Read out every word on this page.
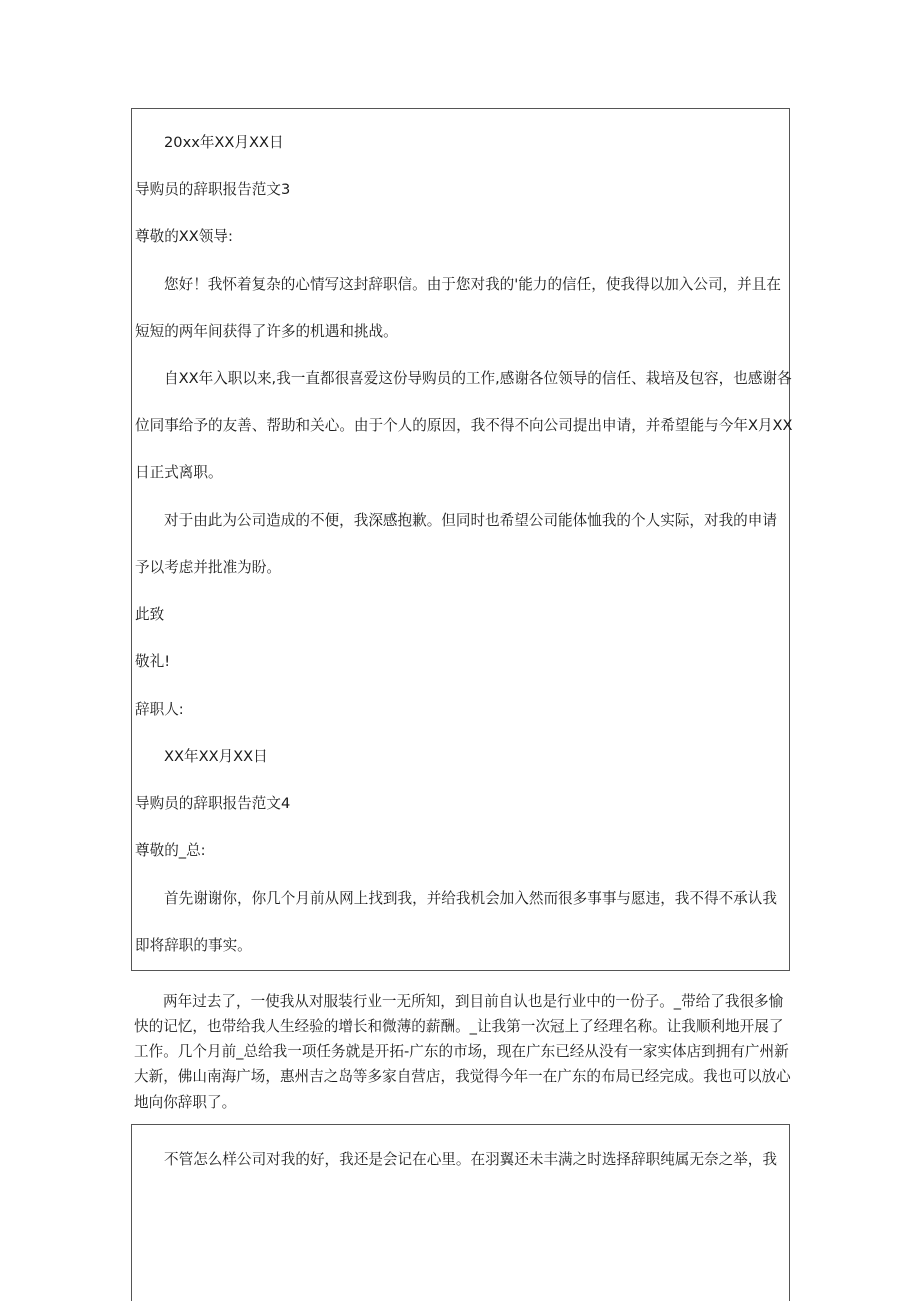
20xx年XX月XX日

导购员的辞职报告范文3

尊敬的XX领导:

您好！我怀着复杂的心情写这封辞职信。由于您对我的'能力的信任，使我得以加入公司，并且在

短短的两年间获得了许多的机遇和挑战。

自XX年入职以来,我一直都很喜爱这份导购员的工作,感谢各位领导的信任、栽培及包容，也感谢各

位同事给予的友善、帮助和关心。由于个人的原因，我不得不向公司提出申请，并希望能与今年X月XX

日正式离职。

对于由此为公司造成的不便，我深感抱歉。但同时也希望公司能体恤我的个人实际，对我的申请

予以考虑并批准为盼。

此致

敬礼!

辞职人:

XX年XX月XX日

导购员的辞职报告范文4

尊敬的_总:

首先谢谢你，你几个月前从网上找到我，并给我机会加入然而很多事事与愿违，我不得不承认我

即将辞职的事实。

两年过去了，一使我从对服装行业一无所知，到目前自认也是行业中的一份子。_带给了我很多愉

快的记忆，也带给我人生经验的增长和微薄的薪酬。_让我第一次冠上了经理名称。让我顺利地开展了

工作。几个月前_总给我一项任务就是开拓-广东的市场，现在广东已经从没有一家实体店到拥有广州新

大新，佛山南海广场，惠州吉之岛等多家自营店，我觉得今年一在广东的布局已经完成。我也可以放心

地向你辞职了。

不管怎么样公司对我的好，我还是会记在心里。在羽翼还未丰满之时选择辞职纯属无奈之举，我
